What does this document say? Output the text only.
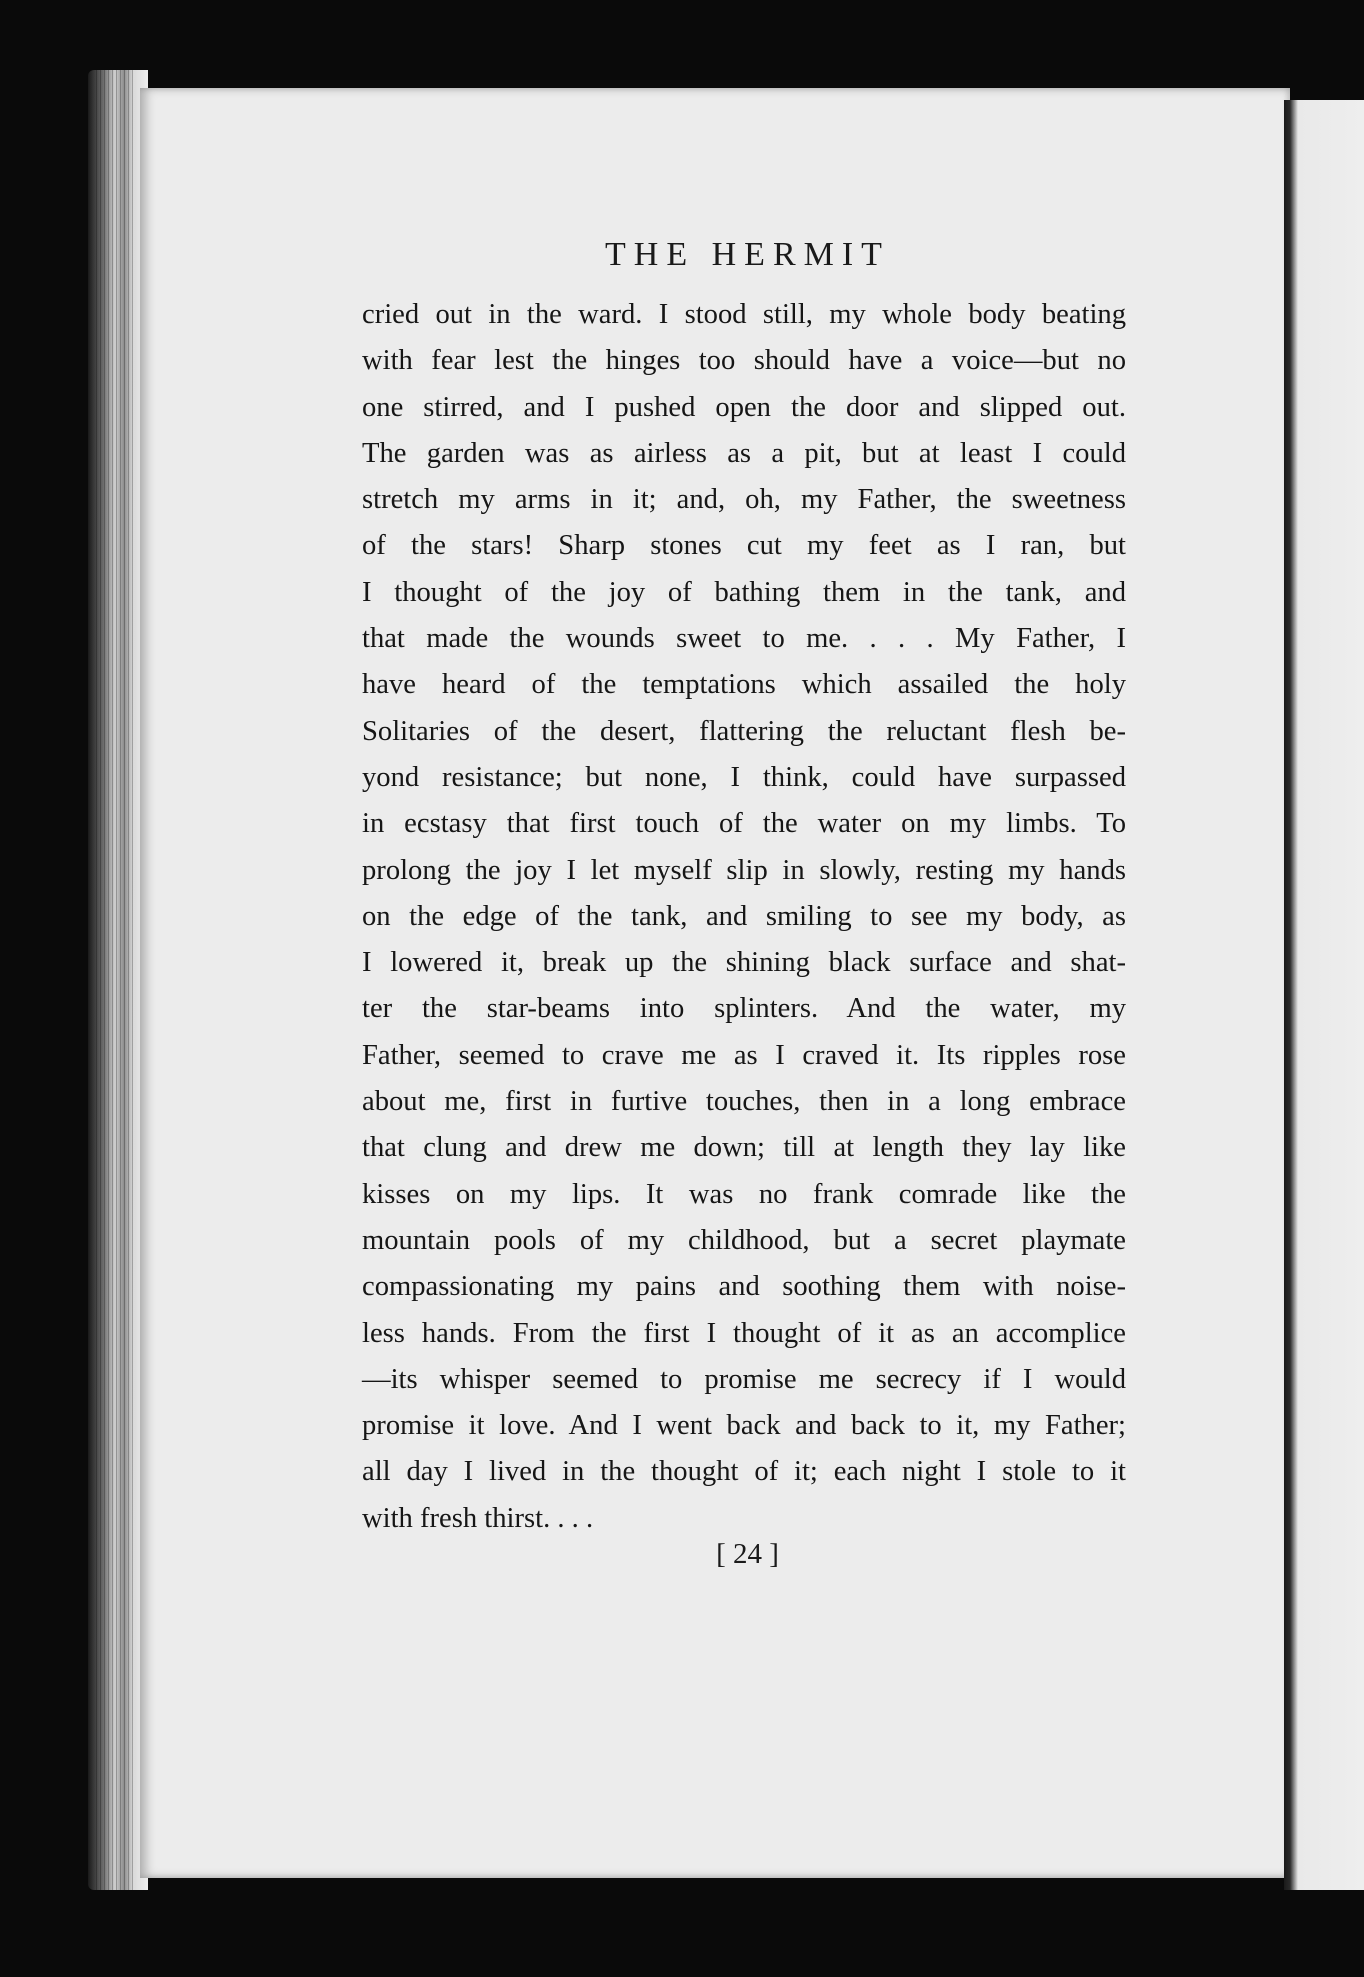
THE HERMIT
cried out in the ward. I stood still, my whole body beating
with fear lest the hinges too should have a voice—but no
one stirred, and I pushed open the door and slipped out.
The garden was as airless as a pit, but at least I could
stretch my arms in it; and, oh, my Father, the sweetness
of the stars! Sharp stones cut my feet as I ran, but
I thought of the joy of bathing them in the tank, and
that made the wounds sweet to me. . . . My Father, I
have heard of the temptations which assailed the holy
Solitaries of the desert, flattering the reluctant flesh be-
yond resistance; but none, I think, could have surpassed
in ecstasy that first touch of the water on my limbs. To
prolong the joy I let myself slip in slowly, resting my hands
on the edge of the tank, and smiling to see my body, as
I lowered it, break up the shining black surface and shat-
ter the star-beams into splinters. And the water, my
Father, seemed to crave me as I craved it. Its ripples rose
about me, first in furtive touches, then in a long embrace
that clung and drew me down; till at length they lay like
kisses on my lips. It was no frank comrade like the
mountain pools of my childhood, but a secret playmate
compassionating my pains and soothing them with noise-
less hands. From the first I thought of it as an accomplice
—its whisper seemed to promise me secrecy if I would
promise it love. And I went back and back to it, my Father;
all day I lived in the thought of it; each night I stole to it
with fresh thirst. . . .
[ 24 ]
